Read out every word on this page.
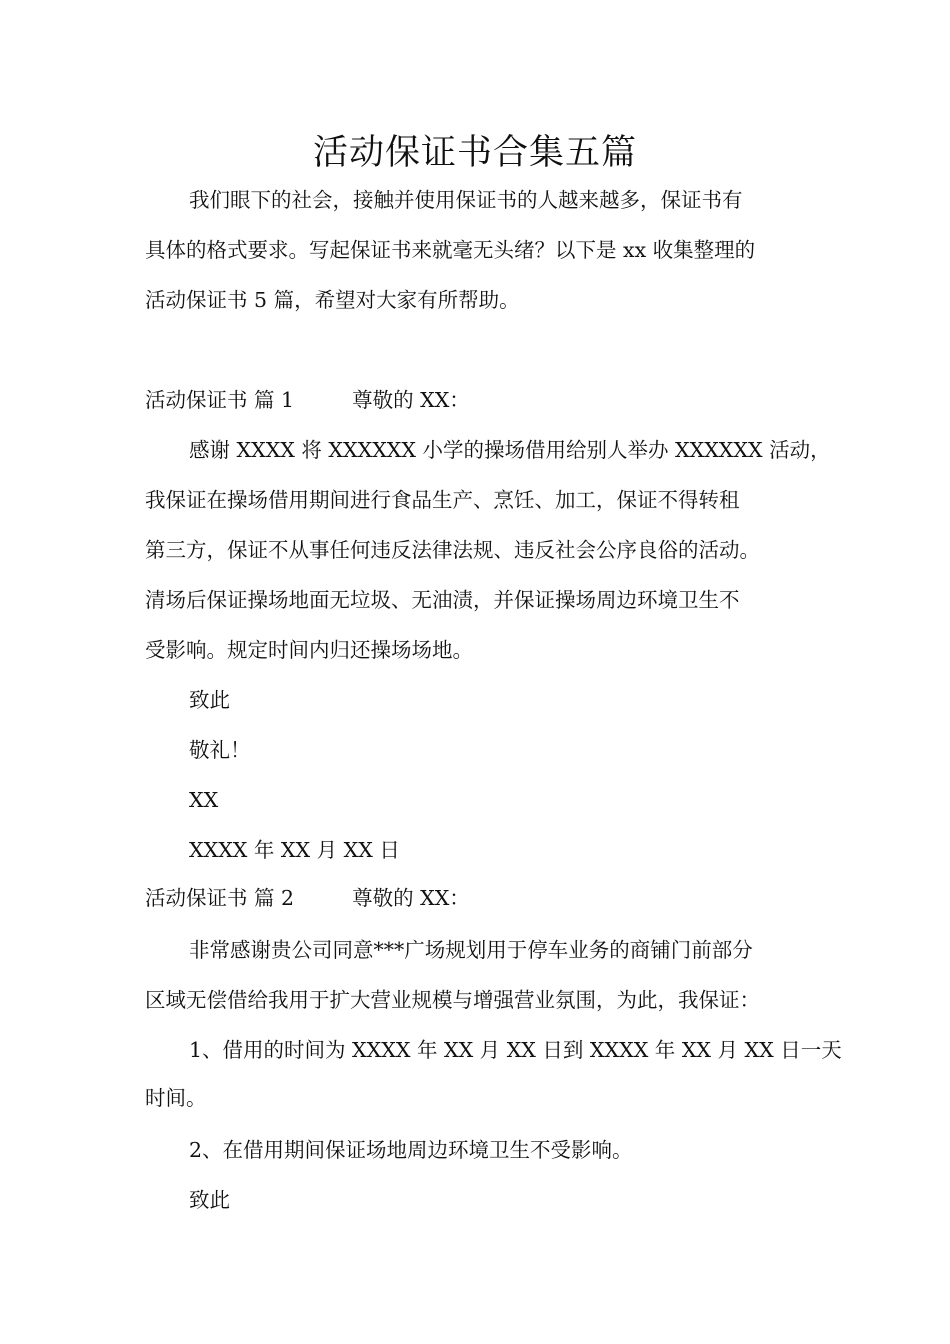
活动保证书合集五篇

我们眼下的社会，接触并使用保证书的人越来越多，保证书有

具体的格式要求。写起保证书来就毫无头绪？以下是 xx 收集整理的

活动保证书 5 篇，希望对大家有所帮助。

活动保证书 篇 1	尊敬的 XX：

感谢 XXXX 将 XXXXXX 小学的操场借用给别人举办 XXXXXX 活动，

我保证在操场借用期间进行食品生产、烹饪、加工，保证不得转租

第三方，保证不从事任何违反法律法规、违反社会公序良俗的活动。

清场后保证操场地面无垃圾、无油渍，并保证操场周边环境卫生不

受影响。规定时间内归还操场场地。

致此

敬礼！

XX

XXXX 年 XX 月 XX 日

活动保证书 篇 2	尊敬的 XX：

非常感谢贵公司同意***广场规划用于停车业务的商铺门前部分

区域无偿借给我用于扩大营业规模与增强营业氛围，为此，我保证：

1、借用的时间为 XXXX 年 XX 月 XX 日到 XXXX 年 XX 月 XX 日一天

时间。

2、在借用期间保证场地周边环境卫生不受影响。

致此
